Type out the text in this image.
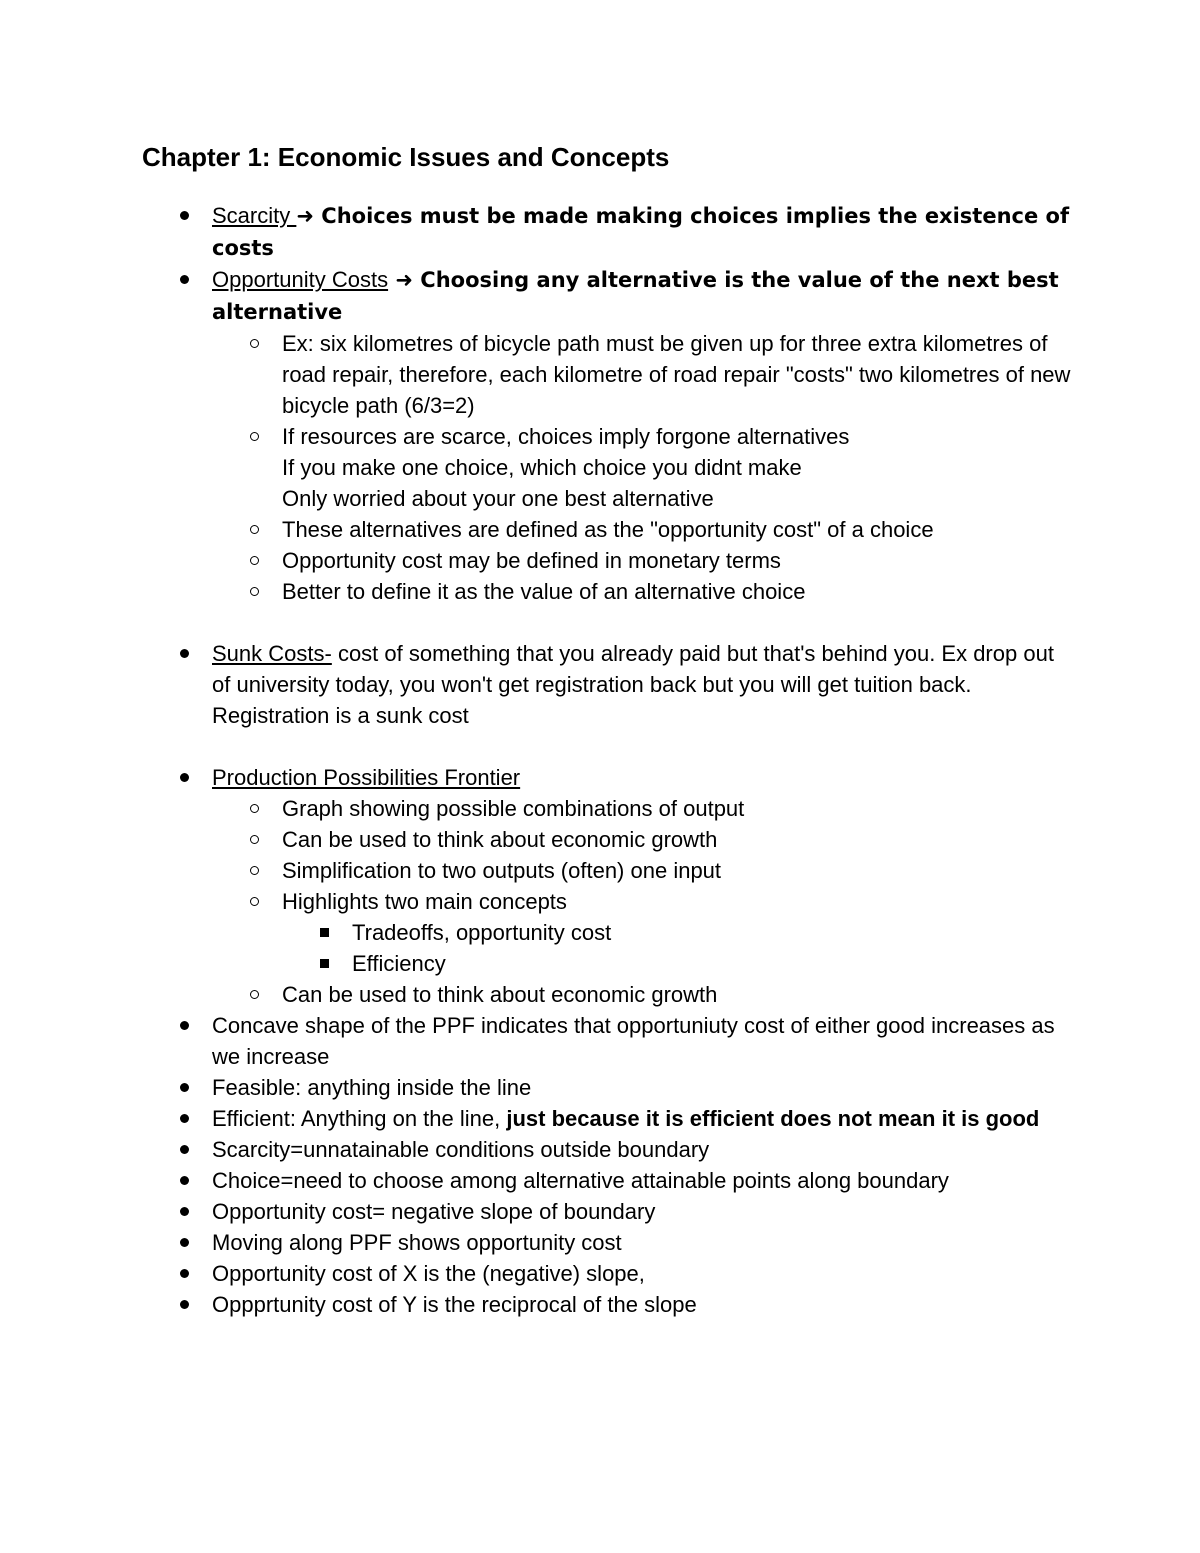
Chapter 1: Economic Issues and Concepts
Scarcity ➜ Choices must be made making choices implies the existence of costs
Opportunity Costs ➜ Choosing any alternative is the value of the next best alternative
Ex: six kilometres of bicycle path must be given up for three extra kilometres of road repair, therefore, each kilometre of road repair "costs" two kilometres of new bicycle path (6/3=2)
If resources are scarce, choices imply forgone alternatives
If you make one choice, which choice you didnt make
Only worried about your one best alternative
These alternatives are defined as the "opportunity cost" of a choice
Opportunity cost may be defined in monetary terms
Better to define it as the value of an alternative choice
Sunk Costs- cost of something that you already paid but that's behind you. Ex drop out of university today, you won't get registration back but you will get tuition back. Registration is a sunk cost
Production Possibilities Frontier
Graph showing possible combinations of output
Can be used to think about economic growth
Simplification to two outputs (often) one input
Highlights two main concepts
Tradeoffs, opportunity cost
Efficiency
Can be used to think about economic growth
Concave shape of the PPF indicates that opportuniuty cost of either good increases as we increase
Feasible: anything inside the line
Efficient: Anything on the line, just because it is efficient does not mean it is good
Scarcity=unnatainable conditions outside boundary
Choice=need to choose among alternative attainable points along boundary
Opportunity cost= negative slope of boundary
Moving along PPF shows opportunity cost
Opportunity cost of X is the (negative) slope,
Oppprtunity cost of Y is the reciprocal of the slope
